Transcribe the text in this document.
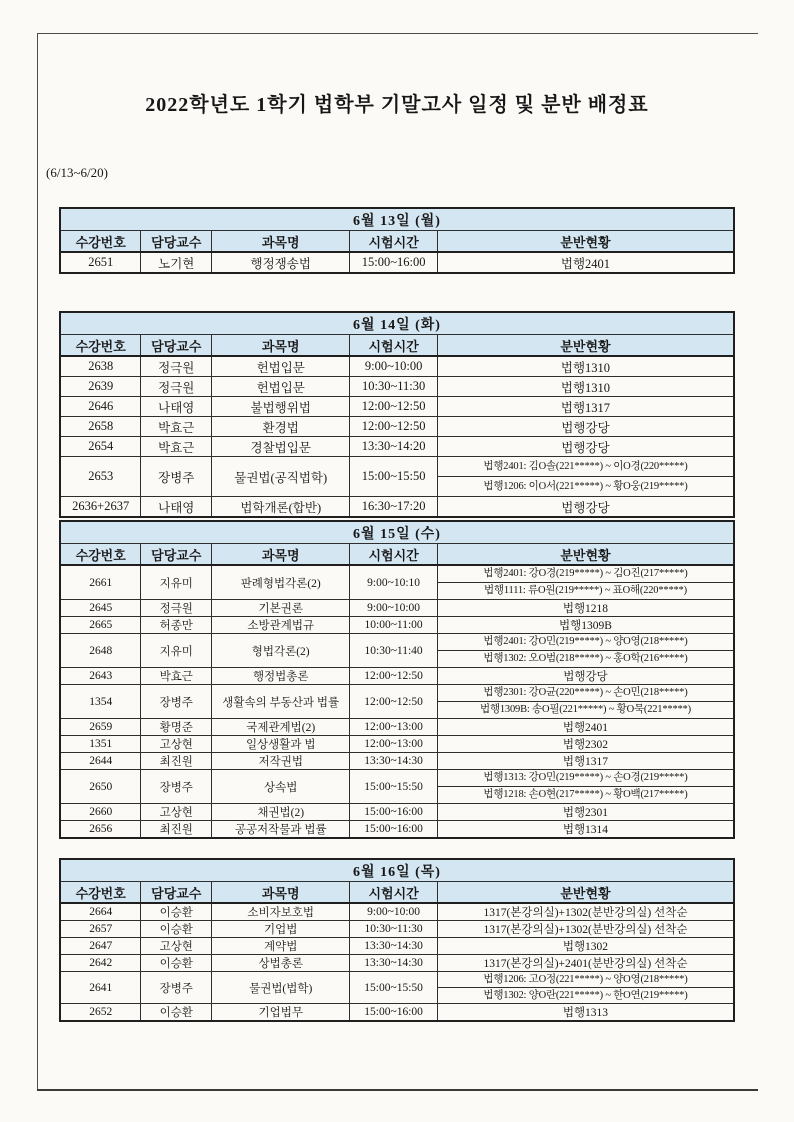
2022학년도 1학기 법학부 기말고사 일정 및 분반 배정표
(6/13~6/20)
6월 13일 (월)				
수강번호	담당교수	과목명	시험시간	분반현황
2651	노기현	행정쟁송법	15:00~16:00	법행2401
6월 14일 (화)				
수강번호	담당교수	과목명	시험시간	분반현황
2638	정극원	헌법입문	9:00~10:00	법행1310
2639	정극원	헌법입문	10:30~11:30	법행1310
2646	나태영	불법행위법	12:00~12:50	법행1317
2658	박효근	환경법	12:00~12:50	법행강당
2654	박효근	경찰법입문	13:30~14:20	법행강당
2653	장병주	물권법(공직법학)	15:00~15:50	법행2401: 김O솔(221*****) ~ 이O경(220*****)
법행1206: 이O서(221*****) ~ 황O웅(219*****)

2636+2637	나태영	법학개론(합반)	16:30~17:20	법행강당
6월 15일 (수)				
수강번호	담당교수	과목명	시험시간	분반현황
2661	지유미	판례형법각론(2)	9:00~10:10	법행2401: 강O경(219*****) ~ 김O진(217*****)
법행1111: 류O원(219*****) ~ 표O해(220*****)

2645	정극원	기본권론	9:00~10:00	법행1218
2665	허종만	소방관계법규	10:00~11:00	법행1309B
2648	지유미	형법각론(2)	10:30~11:40	법행2401: 강O민(219*****) ~ 양O영(218*****)
법행1302: 오O범(218*****) ~ 홍O학(216*****)

2643	박효근	행정법총론	12:00~12:50	법행강당
1354	장병주	생활속의 부동산과 법률	12:00~12:50	법행2301: 강O균(220*****) ~ 손O민(218*****)
법행1309B: 송O필(221*****) ~ 황O묵(221*****)

2659	황명준	국제관계법(2)	12:00~13:00	법행2401
1351	고상현	일상생활과 법	12:00~13:00	법행2302
2644	최진원	저작권법	13:30~14:30	법행1317
2650	장병주	상속법	15:00~15:50	법행1313: 강O민(219*****) ~ 손O경(219*****)
법행1218: 손O현(217*****) ~ 황O백(217*****)

2660	고상현	채권법(2)	15:00~16:00	법행2301
2656	최진원	공공저작물과 법률	15:00~16:00	법행1314
6월 16일 (목)				
수강번호	담당교수	과목명	시험시간	분반현황
2664	이승환	소비자보호법	9:00~10:00	1317(본강의실)+1302(분반강의실) 선착순
2657	이승환	기업법	10:30~11:30	1317(본강의실)+1302(분반강의실) 선착순
2647	고상현	계약법	13:30~14:30	법행1302
2642	이승환	상법총론	13:30~14:30	1317(본강의실)+2401(분반강의실) 선착순
2641	장병주	물권법(법학)	15:00~15:50	법행1206: 고O정(221*****) ~ 양O영(218*****)
법행1302: 양O란(221*****) ~ 한O연(219*****)

2652	이승환	기업법무	15:00~16:00	법행1313
